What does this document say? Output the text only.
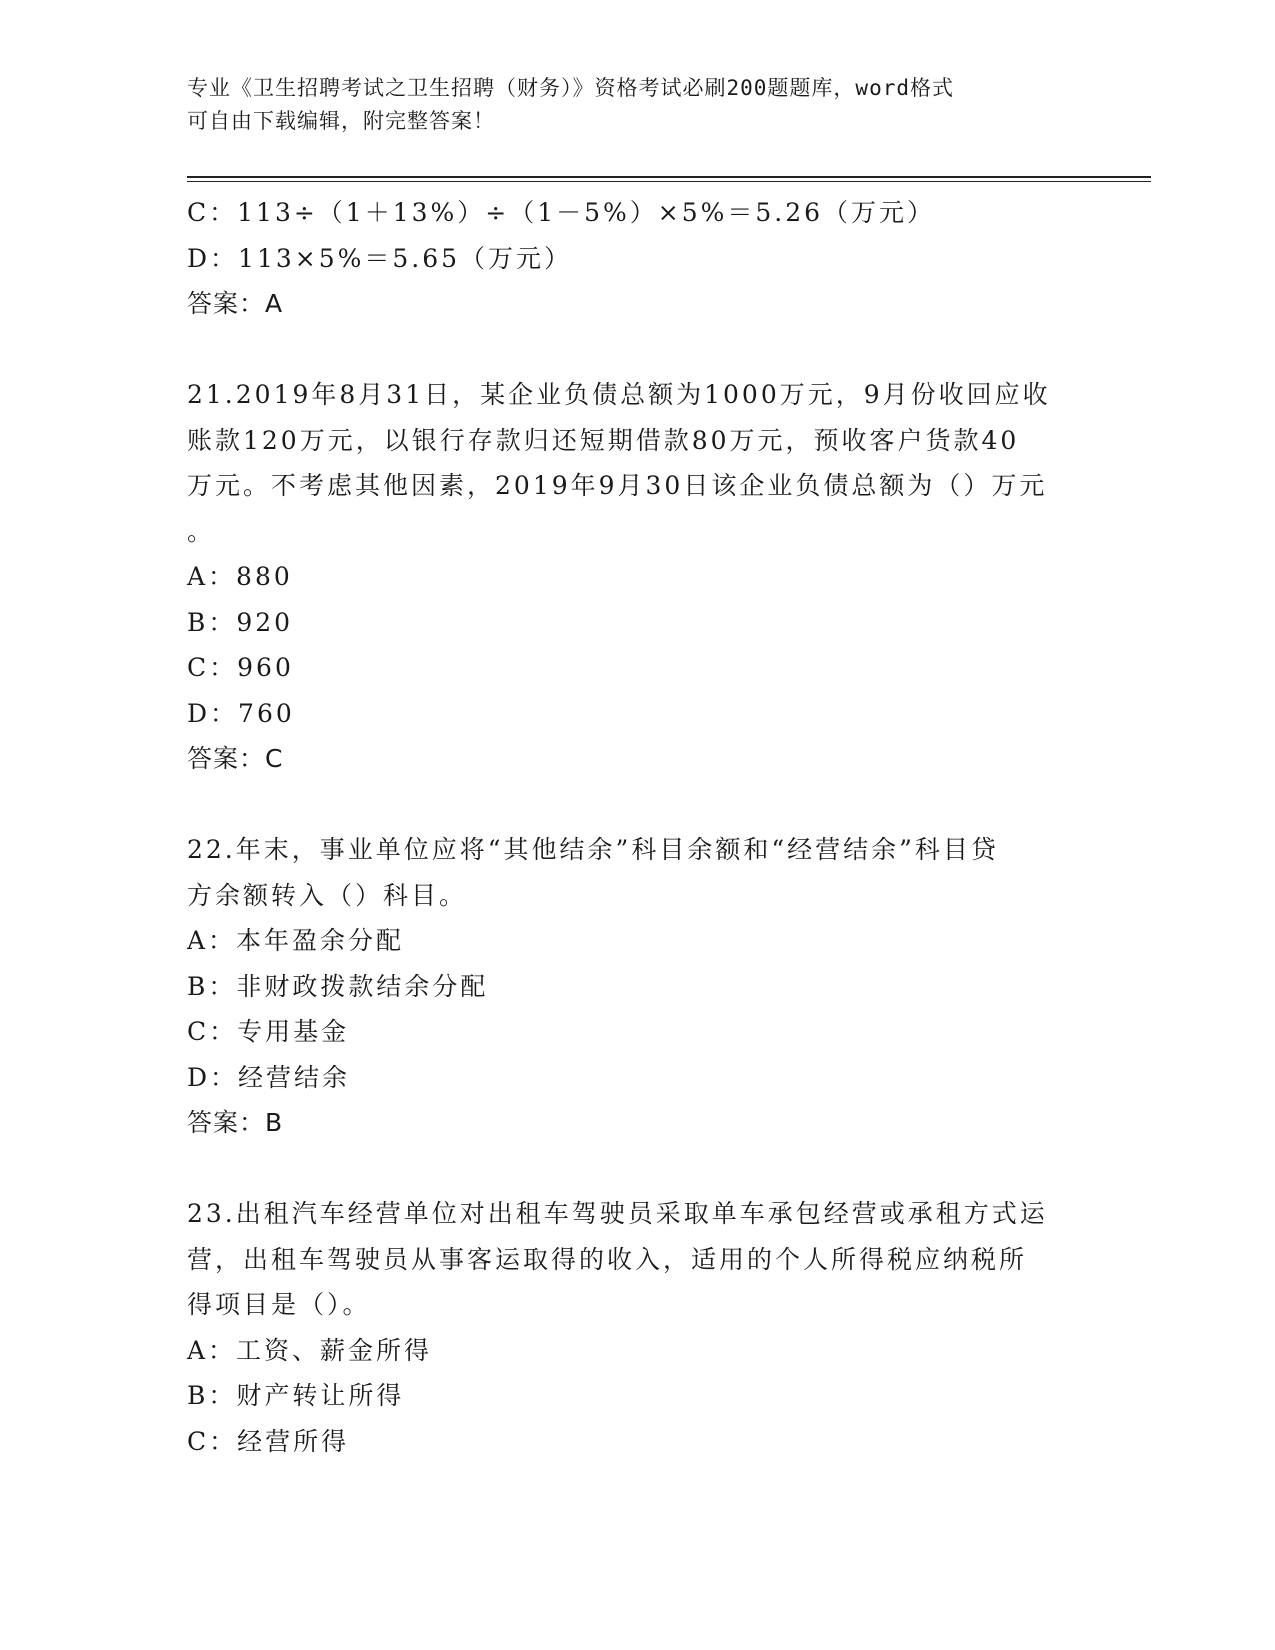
专业《卫生招聘考试之卫生招聘（财务）》资格考试必刷200题题库，word格式
可自由下载编辑，附完整答案！
C：113÷（1＋13%）÷（1－5%）×5%＝5.26（万元）
D：113×5%＝5.65（万元）
答案：A
21.2019年8月31日，某企业负债总额为1000万元，9月份收回应收
账款120万元，以银行存款归还短期借款80万元，预收客户货款40
万元。不考虑其他因素，2019年9月30日该企业负债总额为（）万元
。
A：880
B：920
C：960
D：760
答案：C
22.年末，事业单位应将“其他结余”科目余额和“经营结余”科目贷
方余额转入（）科目。
A：本年盈余分配
B：非财政拨款结余分配
C：专用基金
D：经营结余
答案：B
23.出租汽车经营单位对出租车驾驶员采取单车承包经营或承租方式运
营，出租车驾驶员从事客运取得的收入，适用的个人所得税应纳税所
得项目是（）。
A：工资、薪金所得
B：财产转让所得
C：经营所得
